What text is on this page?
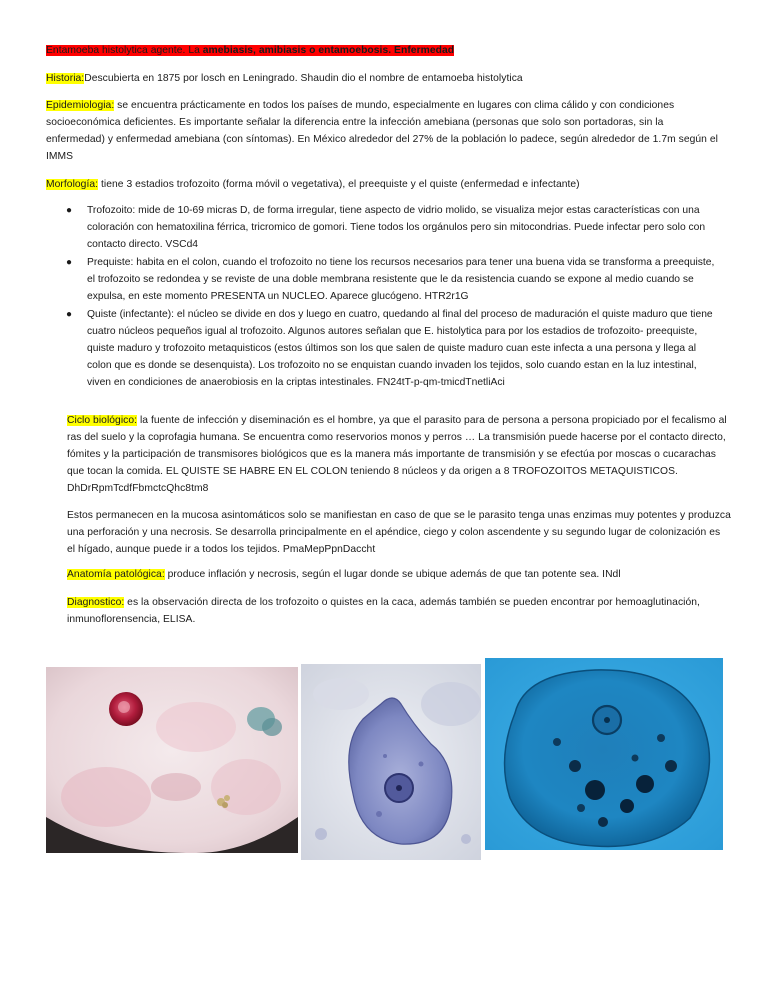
Entamoeba histolytica agente. La amebiasis, amibiasis o entamoebosis. Enfermedad

Historia:Descubierta en 1875 por losch en Leningrado. Shaudin dio el nombre de entamoeba histolytica

Epidemiologia: se encuentra prácticamente en todos los países de mundo, especialmente en lugares con clima cálido y con condiciones socioeconómica deficientes. Es importante señalar la diferencia entre la infección amebiana (personas que solo son portadoras, sin la enfermedad) y enfermedad amebiana (con síntomas). En México alrededor del 27% de la población lo padece, según alrededor de 1.7m según el IMMS

Morfología: tiene 3 estadios trofozoito (forma móvil o vegetativa), el preequiste y el quiste (enfermedad e infectante)

● Trofozoito: mide de 10-69 micras D, de forma irregular, tiene aspecto de vidrio molido, se visualiza mejor estas características con una coloración con hematoxilina férrica, tricromico de gomori. Tiene todos los orgánulos pero sin mitocondrias. Puede infectar pero solo con contacto directo. VSCd4
● Prequiste: habita en el colon, cuando el trofozoito no tiene los recursos necesarios para tener una buena vida se transforma a preequiste, el trofozoito se redondea y se reviste de una doble membrana resistente que le da resistencia cuando se expone al medio cuando se expulsa, en este momento PRESENTA un NUCLEO. Aparece glucógeno. HTR2r1G
● Quiste (infectante): el núcleo se divide en dos y luego en cuatro, quedando al final del proceso de maduración el quiste maduro que tiene cuatro núcleos pequeños igual al trofozoito. Algunos autores señalan que E. histolytica para por los estadios de trofozoito- preequiste, quiste maduro y trofozoito metaquisticos (estos últimos son los que salen de quiste maduro cuan este infecta a una persona y llega al colon que es donde se desenquista). Los trofozoito no se enquistan cuando invaden los tejidos, solo cuando estan en la luz intestinal, viven en condiciones de anaerobiosis en la criptas intestinales. FN24tT-p-qm-tmicdTnetliAci

Ciclo biológico: la fuente de infección y diseminación es el hombre, ya que el parasito para de persona a persona propiciado por el fecalismo al ras del suelo y la coprofagia humana. Se encuentra como reservorios monos y perros … La transmisión puede hacerse por el contacto directo, fómites y la participación de transmisores biológicos que es la manera más importante de transmisión y se efectúa por moscas o cucarachas que tocan la comida. EL QUISTE SE HABRE EN EL COLON teniendo 8 núcleos y da origen a 8 TROFOZOITOS METAQUISTICOS. DhDrRpmTcdfFbmctcQhc8tm8

Estos permanecen en la mucosa asintomáticos solo se manifiestan en caso de que se le parasito tenga unas enzimas muy potentes y produzca una perforación y una necrosis. Se desarrolla principalmente en el apéndice, ciego y colon ascendente y su segundo lugar de colonización es el hígado, aunque puede ir a todos los tejidos. PmaMepPpnDaccht

Anatomía patológica: produce inflación y necrosis, según el lugar donde se ubique además de que tan potente sea. INdl

Diagnostico: es la observación directa de los trofozoito o quistes en la caca, además también se pueden encontrar por hemoaglutinación, inmunoflorensencia, ELISA.
